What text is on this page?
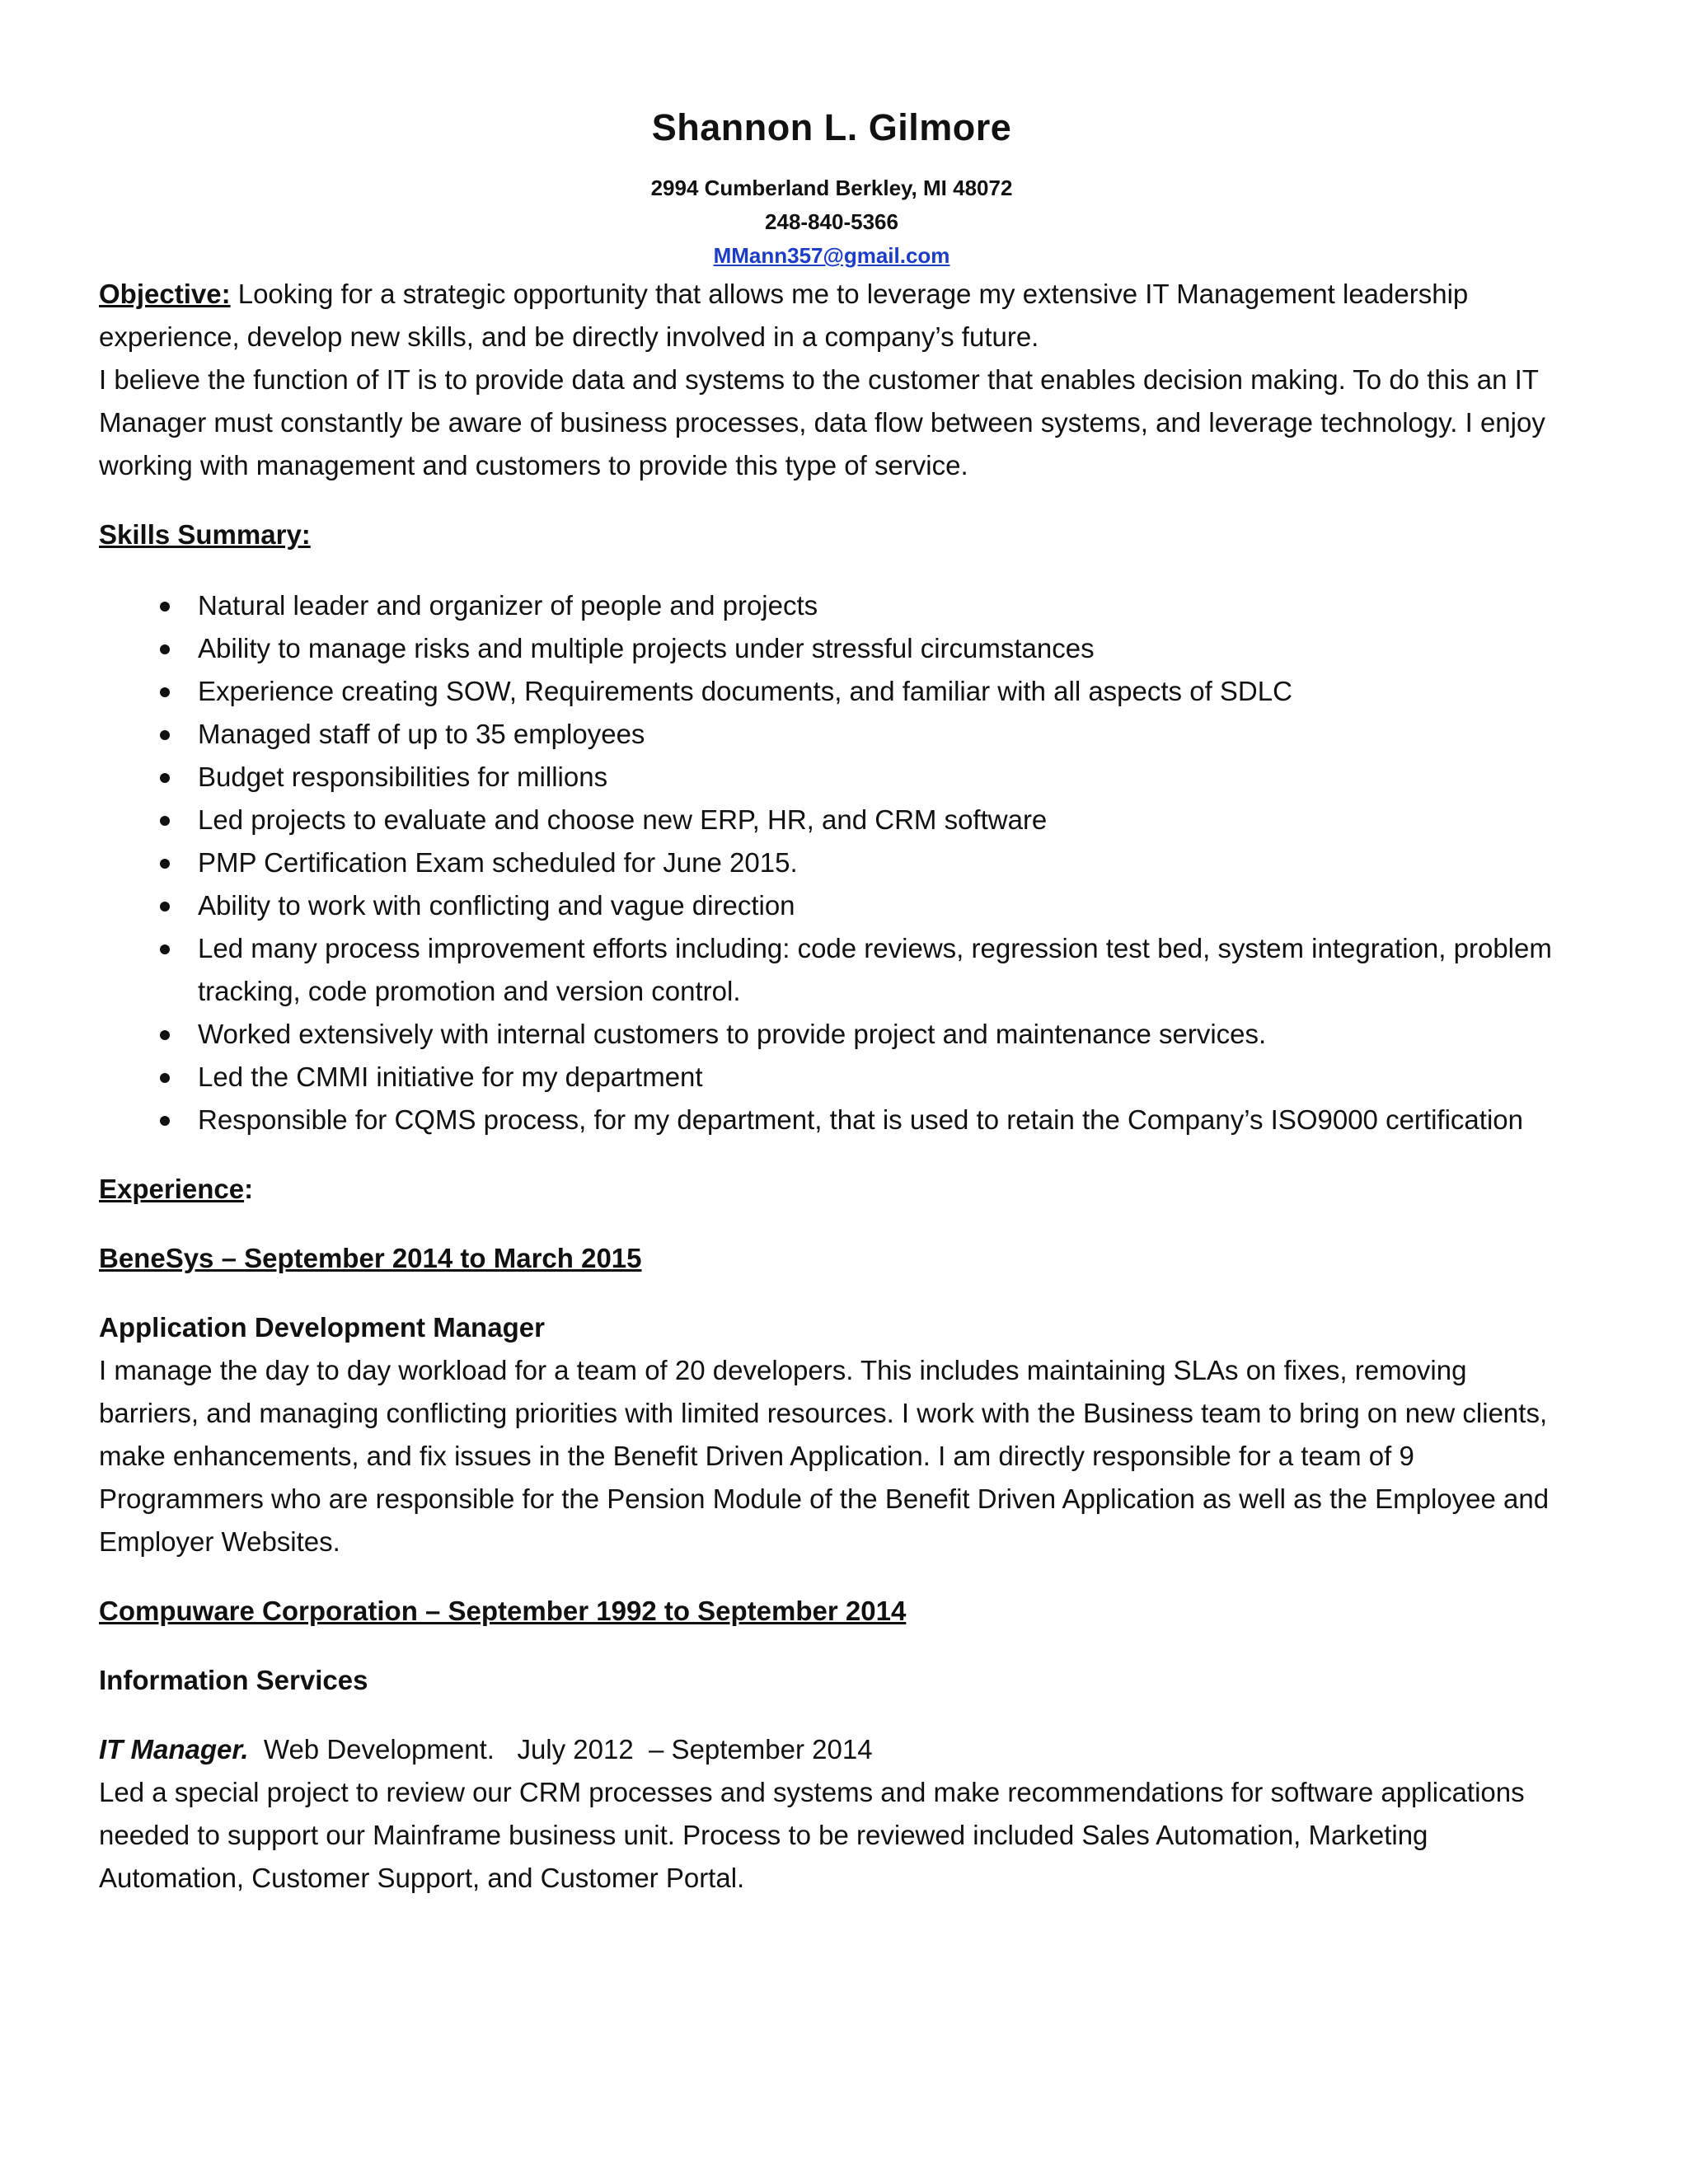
Shannon L. Gilmore

2994 Cumberland Berkley, MI 48072

248-840-5366

MMann357@gmail.com

Objective: Looking for a strategic opportunity that allows me to leverage my extensive IT Management leadership experience, develop new skills, and be directly involved in a company’s future.

I believe the function of IT is to provide data and systems to the customer that enables decision making. To do this an IT Manager must constantly be aware of business processes, data flow between systems, and leverage technology. I enjoy working with management and customers to provide this type of service.

Skills Summary:

Natural leader and organizer of people and projects
Ability to manage risks and multiple projects under stressful circumstances
Experience creating SOW, Requirements documents, and familiar with all aspects of SDLC
Managed staff of up to 35 employees
Budget responsibilities for millions
Led projects to evaluate and choose new ERP, HR, and CRM software
PMP Certification Exam scheduled for June 2015.
Ability to work with conflicting and vague direction
Led many process improvement efforts including: code reviews, regression test bed, system integration, problem tracking, code promotion and version control.
Worked extensively with internal customers to provide project and maintenance services.
Led the CMMI initiative for my department
Responsible for CQMS process, for my department, that is used to retain the Company’s ISO9000 certification

Experience:

BeneSys – September 2014 to March 2015

Application Development Manager

I manage the day to day workload for a team of 20 developers. This includes maintaining SLAs on fixes, removing barriers, and managing conflicting priorities with limited resources. I work with the Business team to bring on new clients, make enhancements, and fix issues in the Benefit Driven Application. I am directly responsible for a team of 9 Programmers who are responsible for the Pension Module of the Benefit Driven Application as well as the Employee and Employer Websites.

Compuware Corporation – September 1992 to September 2014

Information Services

IT Manager.  Web Development.   July 2012  – September 2014

Led a special project to review our CRM processes and systems and make recommendations for software applications needed to support our Mainframe business unit. Process to be reviewed included Sales Automation, Marketing Automation, Customer Support, and Customer Portal.
